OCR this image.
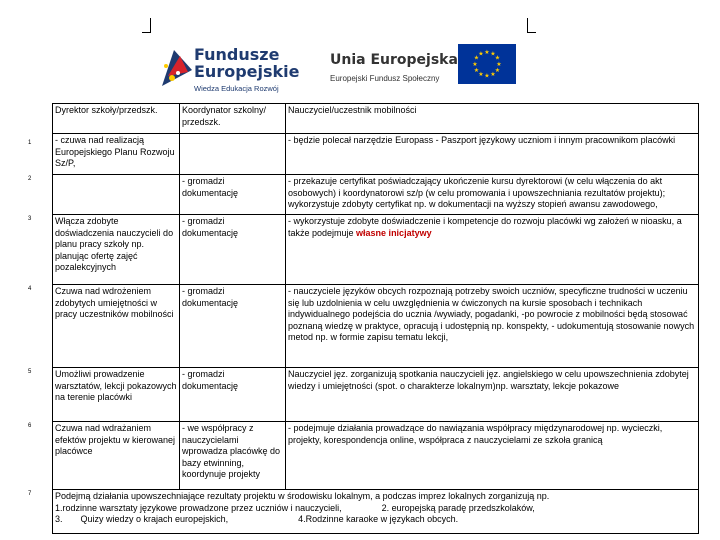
Fundusze
Europejskie
Wiedza Edukacja Rozwój
Unia Europejska
Europejski Fundusz Społeczny
★ ★
★
★
★
★
★
★
★
★
★
★
1
2
3
4
5
6
7
Dyrektor szkoły/przedszk.	Koordynator szkolny/ przedszk.	Nauczyciel/uczestnik mobilności
- czuwa nad realizacją Europejskiego Planu Rozwoju Sz/P,		- będzie polecał narzędzie Europass - Paszport językowy uczniom i innym pracownikom placówki
	- gromadzi dokumentację	- przekazuje certyfikat poświadczający ukończenie kursu dyrektorowi (w celu włączenia do akt osobowych) i koordynatorowi sz/p (w celu promowania i upowszechniania rezultatów projektu); wykorzystuje zdobyty certyfikat np. w dokumentacji na wyższy stopień awansu zawodowego,
Włącza zdobyte doświadczenia nauczycieli do planu pracy szkoły np. planując ofertę zajęć pozalekcyjnych	- gromadzi dokumentację	- wykorzystuje zdobyte doświadczenie i kompetencje do rozwoju placówki wg założeń w nioasku, a także podejmuje własne inicjatywy
Czuwa nad wdrożeniem zdobytych umiejętności w pracy uczestników mobilności	- gromadzi dokumentację	- nauczyciele języków obcych rozpoznają potrzeby swoich uczniów, specyficzne trudności w uczeniu się lub uzdolnienia w celu uwzględnienia w ćwiczonych na kursie sposobach i technikach indywidualnego podejścia do ucznia /wywiady, pogadanki, -po powrocie z mobilności będą stosować poznaną wiedzę w praktyce, opracują i udostępnią np. konspekty, - udokumentują stosowanie nowych metod np. w formie zapisu tematu lekcji,
Umożliwi prowadzenie warsztatów, lekcji pokazowych na terenie placówki	- gromadzi dokumentację	Nauczyciel jęz. zorganizują spotkania nauczycieli jęz. angielskiego w celu upowszechnienia zdobytej wiedzy i umiejętności (spot. o charakterze lokalnym)np. warsztaty, lekcje pokazowe
Czuwa nad wdrażaniem efektów projektu w kierowanej placówce	- we współpracy z nauczycielami wprowadza placówkę do bazy etwinning, koordynuje projekty	- podejmuje działania prowadzące do nawiązania współpracy międzynarodowej np. wycieczki, projekty, korespondencja online, współpraca z nauczycielami ze szkoła granicą

Podejmą działania upowszechniające rezultaty projektu w środowisku lokalnym, a podczas imprez lokalnych zorganizują np.
1.rodzinne warsztaty językowe prowadzone przez uczniów i nauczycieli, 2. europejską paradę przedszkolaków,
3. Quizy wiedzy o krajach europejskich, 4.Rodzinne karaoke w językach obcych.		
